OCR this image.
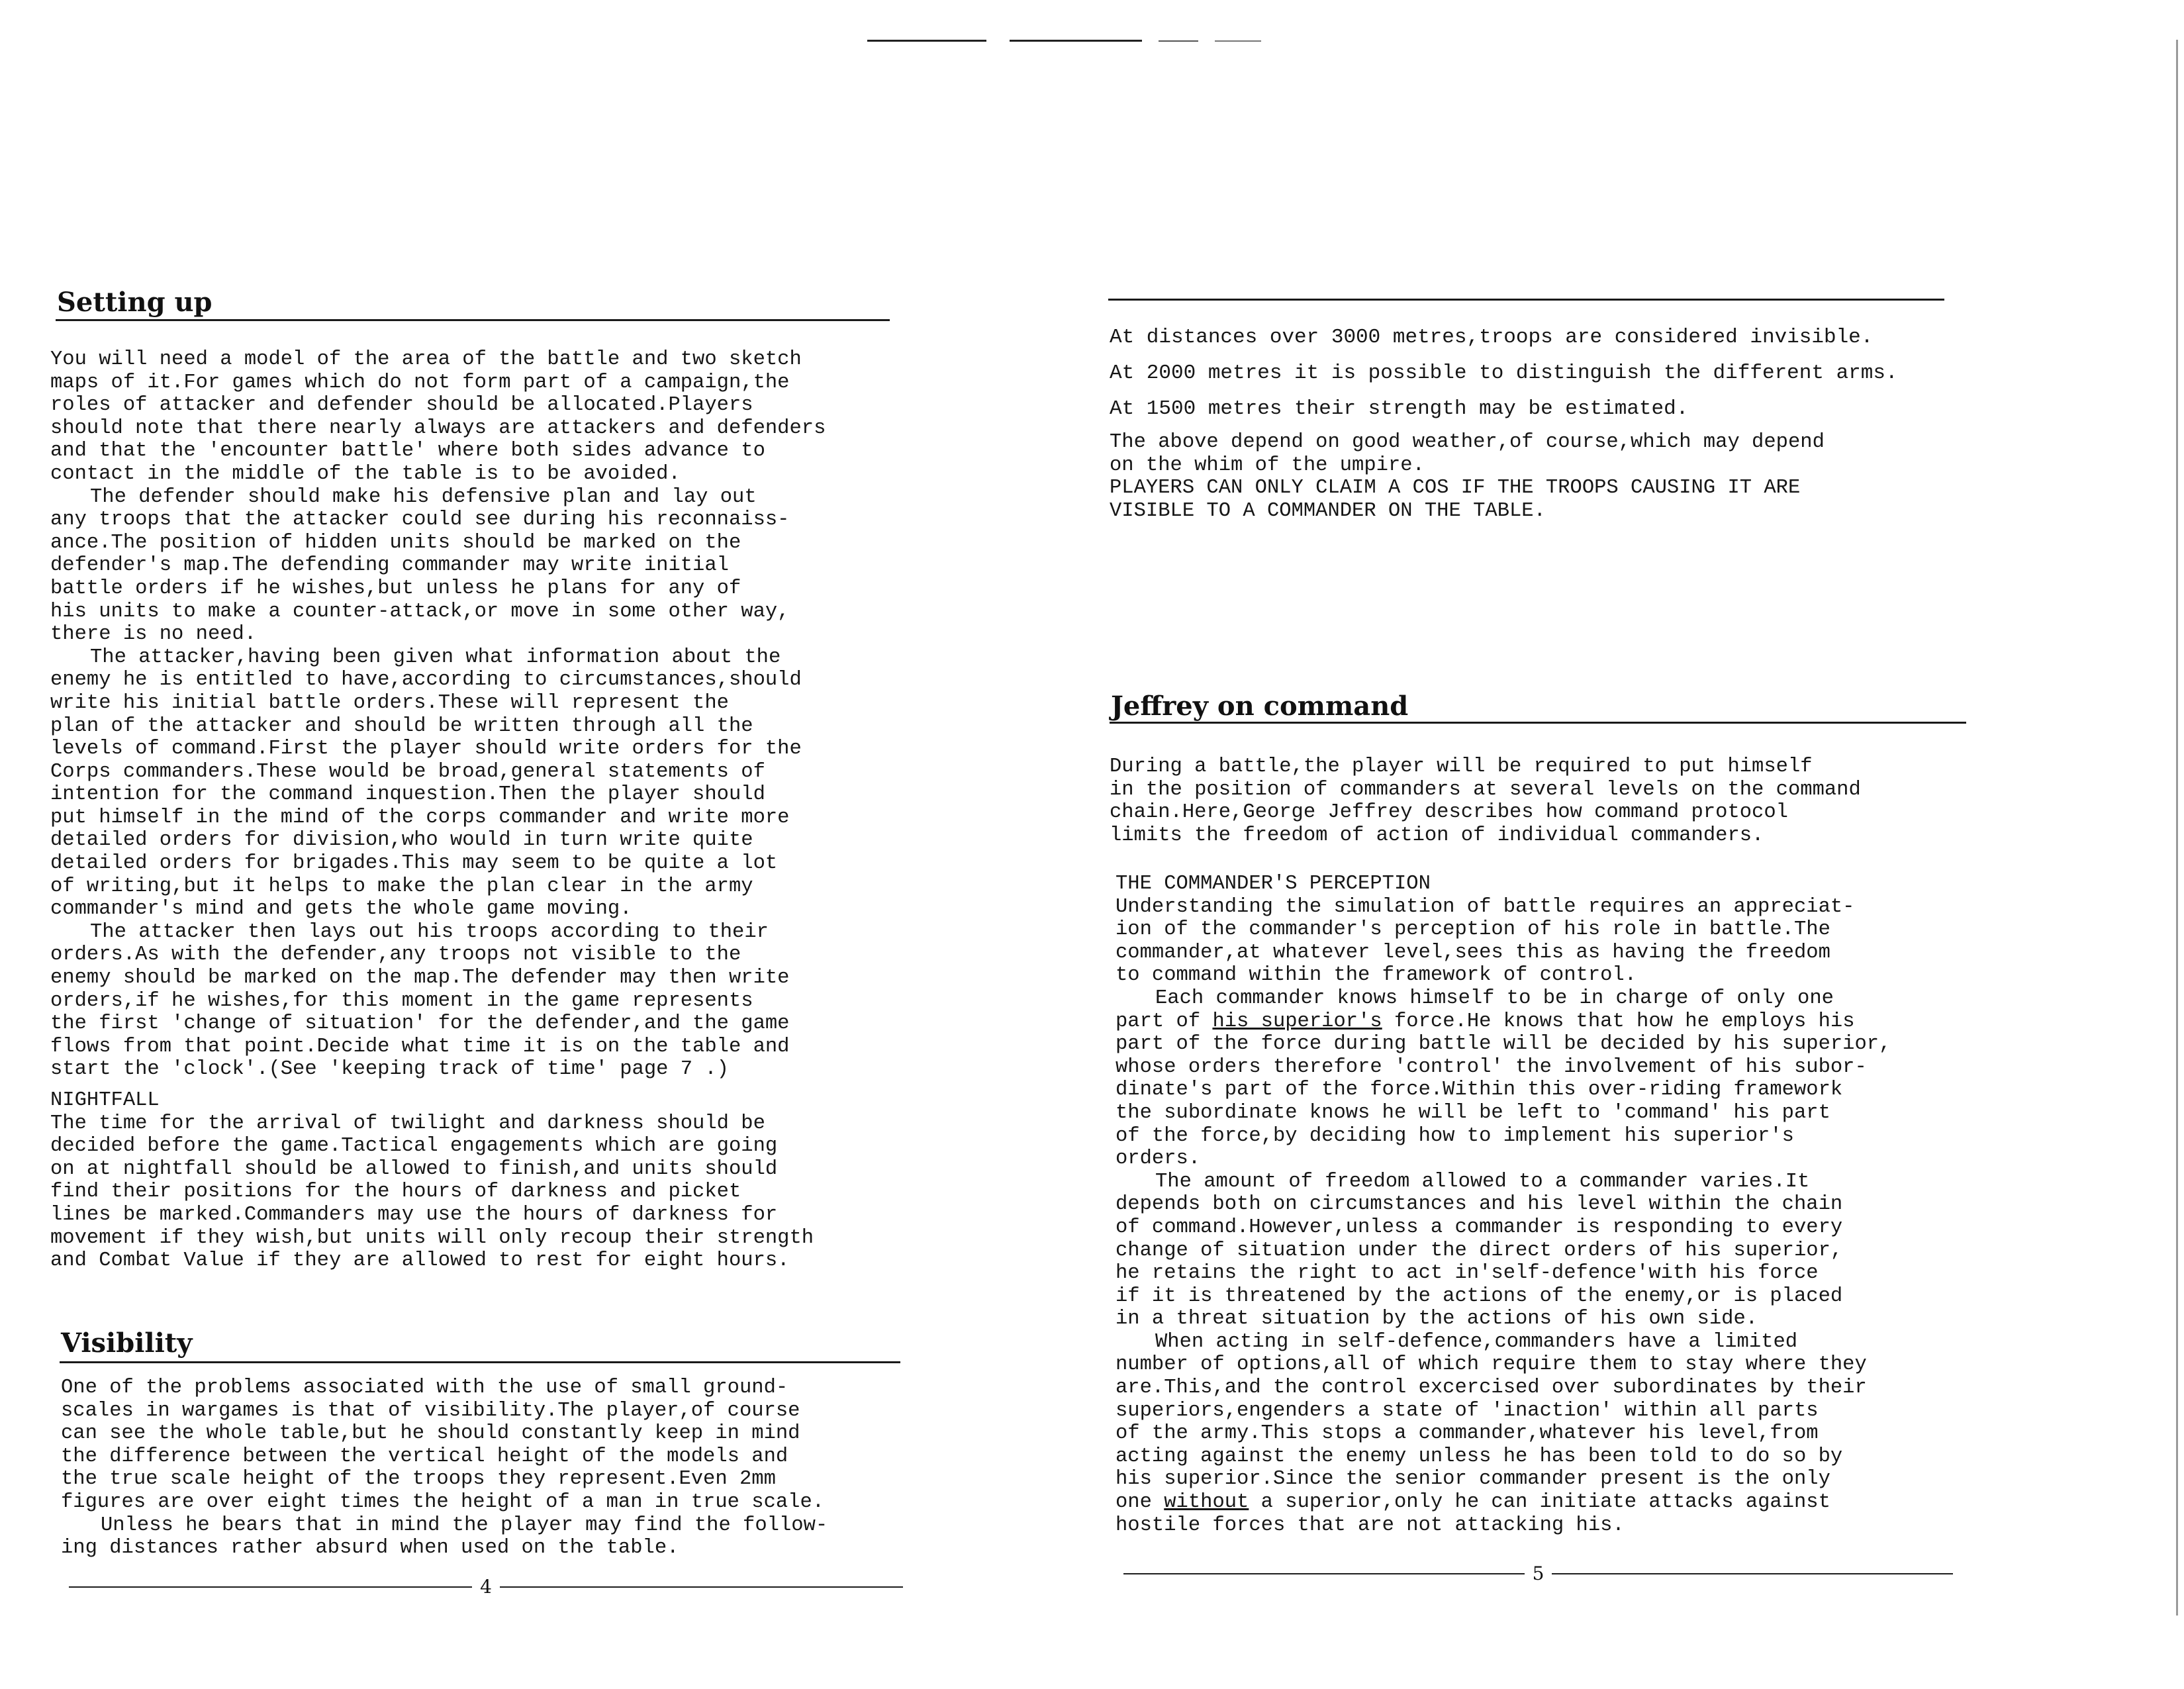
Setting up

You will need a model of the area of the battle and two sketch

maps of it.For games which do not form part of a campaign,the

roles of attacker and defender should be allocated.Players

should note that there nearly always are attackers and defenders

and that the 'encounter battle' where both sides advance to

contact in the middle of the table is to be avoided.

The defender should make his defensive plan and lay out

any troops that the attacker could see during his reconnaiss-

ance.The position of hidden units should be marked on the

defender's map.The defending commander may write initial

battle orders if he wishes,but unless he plans for any of

his units to make a counter-attack,or move in some other way,

there is no need.

The attacker,having been given what information about the

enemy he is entitled to have,according to circumstances,should

write his initial battle orders.These will represent the

plan of the attacker and should be written through all the

levels of command.First the player should write orders for the

Corps commanders.These would be broad,general statements of

intention for the command inquestion.Then the player should

put himself in the mind of the corps commander and write more

detailed orders for division,who would in turn write quite

detailed orders for brigades.This may seem to be quite a lot

of writing,but it helps to make the plan clear in the army

commander's mind and gets the whole game moving.

The attacker then lays out his troops according to their

orders.As with the defender,any troops not visible to the

enemy should be marked on the map.The defender may then write

orders,if he wishes,for this moment in the game represents

the first 'change of situation' for the defender,and the game

flows from that point.Decide what time it is on the table and

start the 'clock'.(See 'keeping track of time' page 7 .)

NIGHTFALL

The time for the arrival of twilight and darkness should be

decided before the game.Tactical engagements which are going

on at nightfall should be allowed to finish,and units should

find their positions for the hours of darkness and picket

lines be marked.Commanders may use the hours of darkness for

movement if they wish,but units will only recoup their strength

and Combat Value if they are allowed to rest for eight hours.

Visibility

One of the problems associated with the use of small ground-

scales in wargames is that of visibility.The player,of course

can see the whole table,but he should constantly keep in mind

the difference between the vertical height of the models and

the true scale height of the troops they represent.Even 2mm

figures are over eight times the height of a man in true scale.

Unless he bears that in mind the player may find the follow-

ing distances rather absurd when used on the table.

4

At distances over 3000 metres,troops are considered invisible.

At 2000 metres it is possible to distinguish the different arms.

At 1500 metres their strength may be estimated.

The above depend on good weather,of course,which may depend

on the whim of the umpire.

PLAYERS CAN ONLY CLAIM A COS IF THE TROOPS CAUSING IT ARE

VISIBLE TO A COMMANDER ON THE TABLE.

Jeffrey on command

During a battle,the player will be required to put himself

in the position of commanders at several levels on the command

chain.Here,George Jeffrey describes how command protocol

limits the freedom of action of individual commanders.

THE COMMANDER'S PERCEPTION

Understanding the simulation of battle requires an appreciat-

ion of the commander's perception of his role in battle.The

commander,at whatever level,sees this as having the freedom

to command within the framework of control.

Each commander knows himself to be in charge of only one

part of his superior's force.He knows that how he employs his

part of the force during battle will be decided by his superior,

whose orders therefore 'control' the involvement of his subor-

dinate's part of the force.Within this over-riding framework

the subordinate knows he will be left to 'command' his part

of the force,by deciding how to implement his superior's

orders.

The amount of freedom allowed to a commander varies.It

depends both on circumstances and his level within the chain

of command.However,unless a commander is responding to every

change of situation under the direct orders of his superior,

he retains the right to act in'self-defence'with his force

if it is threatened by the actions of the enemy,or is placed

in a threat situation by the actions of his own side.

When acting in self-defence,commanders have a limited

number of options,all of which require them to stay where they

are.This,and the control excercised over subordinates by their

superiors,engenders a state of 'inaction' within all parts

of the army.This stops a commander,whatever his level,from

acting against the enemy unless he has been told to do so by

his superior.Since the senior commander present is the only

one without a superior,only he can initiate attacks against

hostile forces that are not attacking his.

5
